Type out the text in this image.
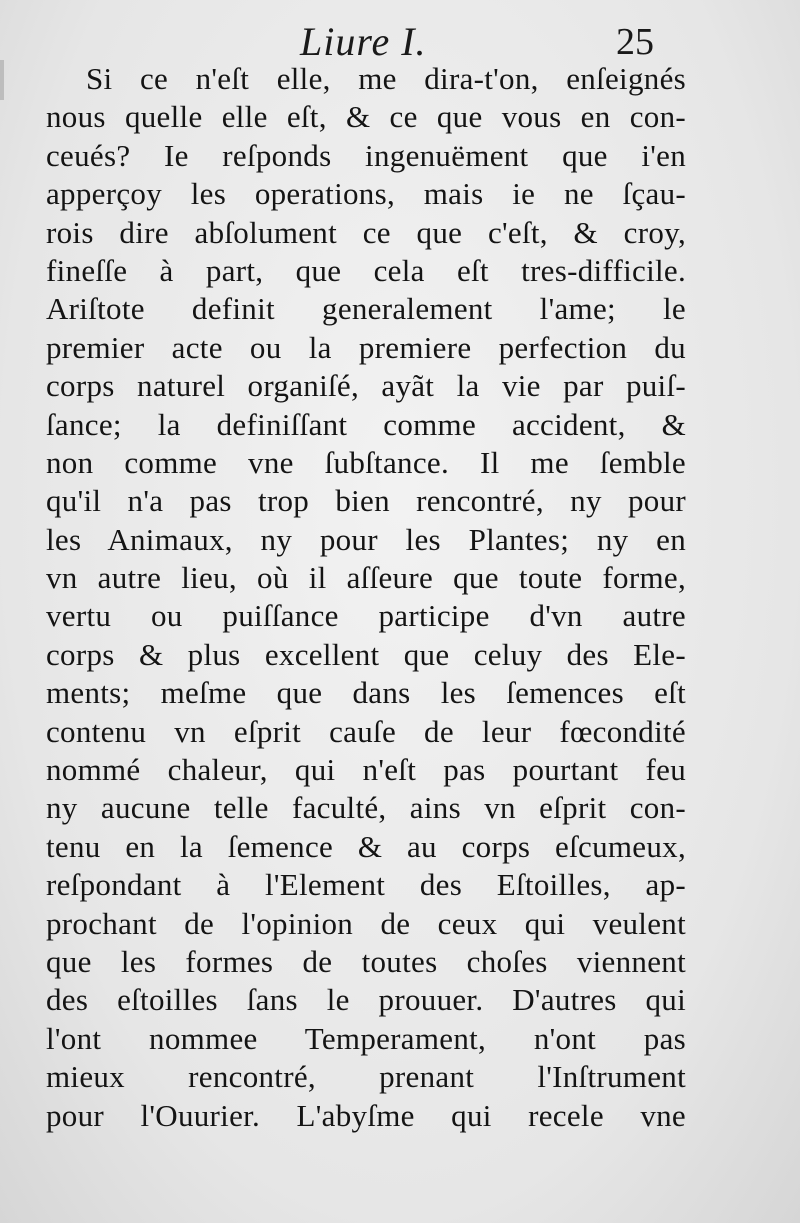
Liure I.	25
Si ce n'eſt elle, me dira-t'on, enſeignés
nous quelle elle eſt, & ce que vous en con-
ceués? Ie reſponds ingenuëment que i'en
apperçoy les operations, mais ie ne ſçau-
rois dire abſolument ce que c'eſt, & croy,
fineſſe à part, que cela eſt tres-difficile.
Ariſtote definit generalement l'ame; le
premier acte ou la premiere perfection du
corps naturel organiſé, ayãt la vie par puiſ-
ſance; la definiſſant comme accident, &
non comme vne ſubſtance. Il me ſemble
qu'il n'a pas trop bien rencontré, ny pour
les Animaux, ny pour les Plantes; ny en
vn autre lieu, où il aſſeure que toute forme,
vertu ou puiſſance participe d'vn autre
corps & plus excellent que celuy des Ele-
ments; meſme que dans les ſemences eſt
contenu vn eſprit cauſe de leur fœcondité
nommé chaleur, qui n'eſt pas pourtant feu
ny aucune telle faculté, ains vn eſprit con-
tenu en la ſemence & au corps eſcumeux,
reſpondant à l'Element des Eſtoilles, ap-
prochant de l'opinion de ceux qui veulent
que les formes de toutes choſes viennent
des eſtoilles ſans le prouuer. D'autres qui
l'ont nommee Temperament, n'ont pas
mieux rencontré, prenant l'Inſtrument
pour l'Ouurier. L'abyſme qui recele vne
